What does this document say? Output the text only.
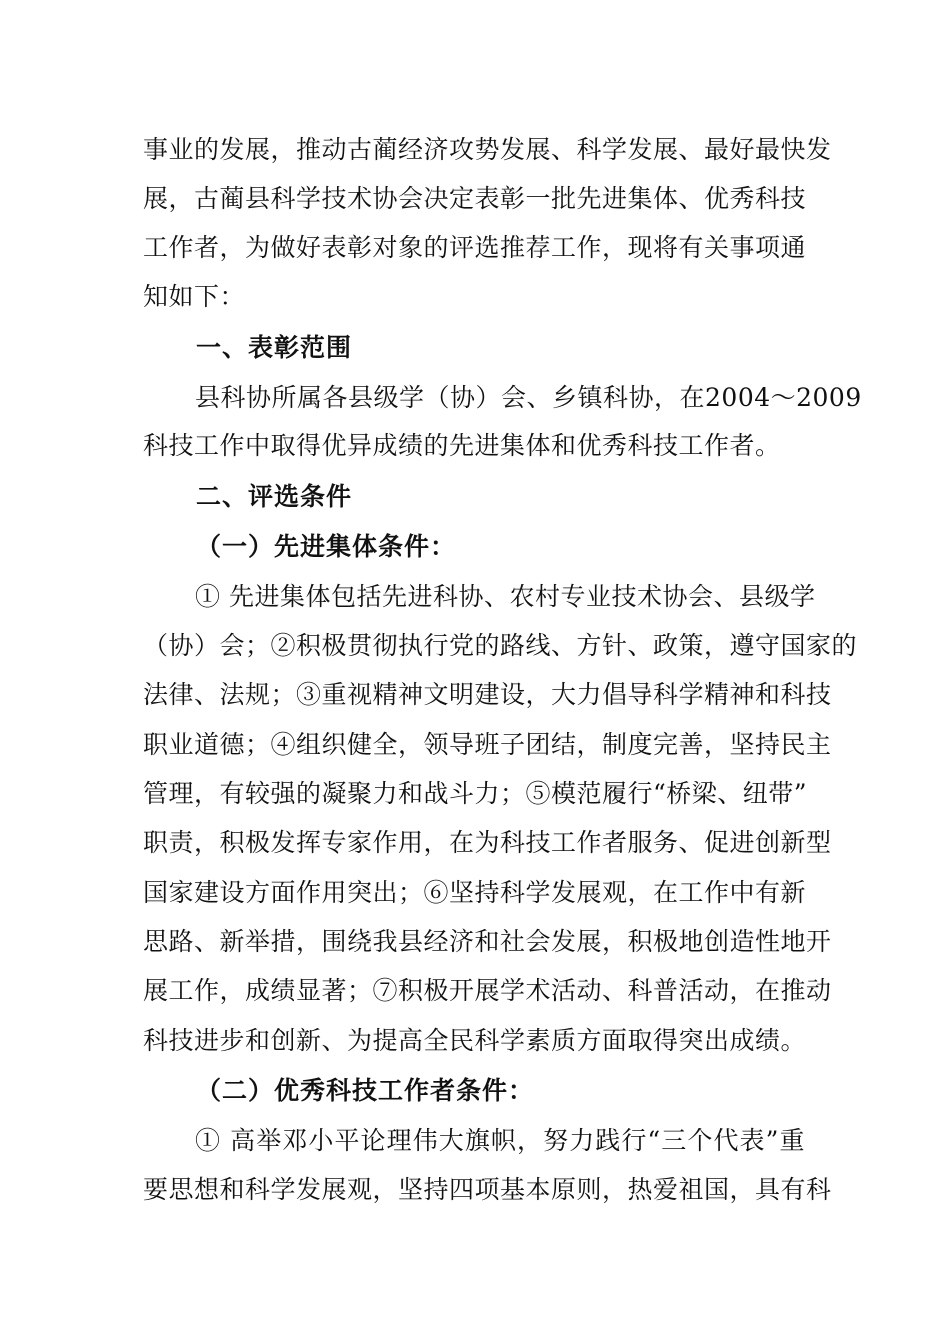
事业的发展，推动古蔺经济攻势发展、科学发展、最好最快发
展，古蔺县科学技术协会决定表彰一批先进集体、优秀科技
工作者，为做好表彰对象的评选推荐工作，现将有关事项通
知如下：
一、表彰范围
县科协所属各县级学（协）会、乡镇科协，在2004～2009
科技工作中取得优异成绩的先进集体和优秀科技工作者。
二、评选条件
（一）先进集体条件：
① 先进集体包括先进科协、农村专业技术协会、县级学
（协）会；②积极贯彻执行党的路线、方针、政策，遵守国家的
法律、法规；③重视精神文明建设，大力倡导科学精神和科技
职业道德；④组织健全，领导班子团结，制度完善，坚持民主
管理，有较强的凝聚力和战斗力；⑤模范履行“桥梁、纽带”
职责，积极发挥专家作用，在为科技工作者服务、促进创新型
国家建设方面作用突出；⑥坚持科学发展观，在工作中有新
思路、新举措，围绕我县经济和社会发展，积极地创造性地开
展工作，成绩显著；⑦积极开展学术活动、科普活动，在推动
科技进步和创新、为提高全民科学素质方面取得突出成绩。
（二）优秀科技工作者条件：
① 高举邓小平论理伟大旗帜，努力践行“三个代表”重
要思想和科学发展观，坚持四项基本原则，热爱祖国，具有科
